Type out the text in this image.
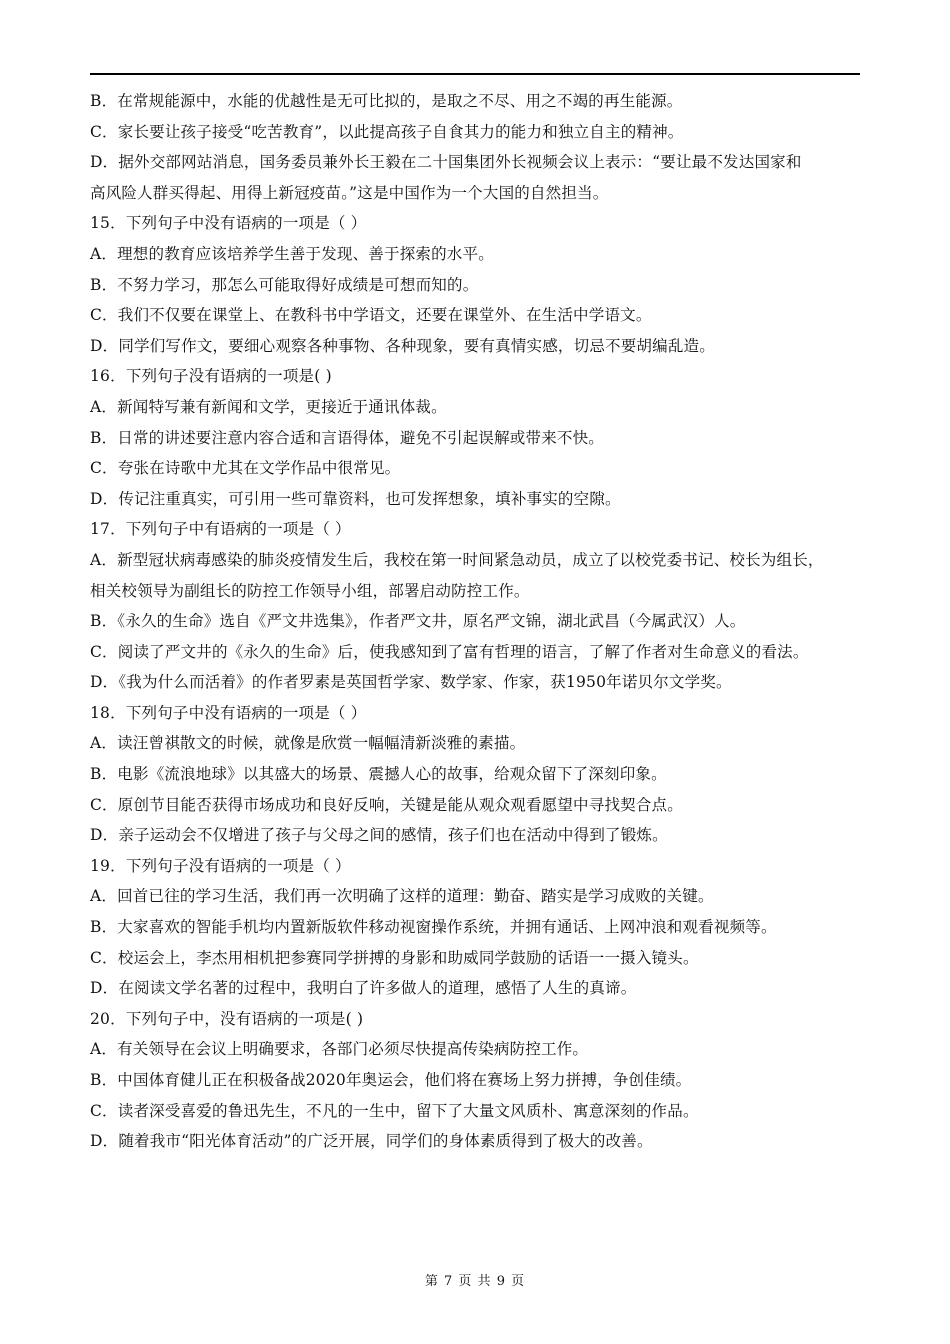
B．在常规能源中，水能的优越性是无可比拟的，是取之不尽、用之不竭的再生能源。
C．家长要让孩子接受“吃苦教育”，以此提高孩子自食其力的能力和独立自主的精神。
D．据外交部网站消息，国务委员兼外长王毅在二十国集团外长视频会议上表示：“要让最不发达国家和
高风险人群买得起、用得上新冠疫苗。”这是中国作为一个大国的自然担当。
15．下列句子中没有语病的一项是（ ）
A．理想的教育应该培养学生善于发现、善于探索的水平。
B．不努力学习，那怎么可能取得好成绩是可想而知的。
C．我们不仅要在课堂上、在教科书中学语文，还要在课堂外、在生活中学语文。
D．同学们写作文，要细心观察各种事物、各种现象，要有真情实感，切忌不要胡编乱造。
16．下列句子没有语病的一项是( )
A．新闻特写兼有新闻和文学，更接近于通讯体裁。
B．日常的讲述要注意内容合适和言语得体，避免不引起误解或带来不快。
C．夸张在诗歌中尤其在文学作品中很常见。
D．传记注重真实，可引用一些可靠资料，也可发挥想象，填补事实的空隙。
17．下列句子中有语病的一项是（ ）
A．新型冠状病毒感染的肺炎疫情发生后，我校在第一时间紧急动员，成立了以校党委书记、校长为组长，
相关校领导为副组长的防控工作领导小组，部署启动防控工作。
B．《永久的生命》选自《严文井选集》，作者严文井，原名严文锦，湖北武昌（今属武汉）人。
C．阅读了严文井的《永久的生命》后，使我感知到了富有哲理的语言，了解了作者对生命意义的看法。
D．《我为什么而活着》的作者罗素是英国哲学家、数学家、作家，获1950年诺贝尔文学奖。
18．下列句子中没有语病的一项是（ ）
A．读汪曾祺散文的时候，就像是欣赏一幅幅清新淡雅的素描。
B．电影《流浪地球》以其盛大的场景、震撼人心的故事，给观众留下了深刻印象。
C．原创节目能否获得市场成功和良好反响，关键是能从观众观看愿望中寻找契合点。
D．亲子运动会不仅增进了孩子与父母之间的感情，孩子们也在活动中得到了锻炼。
19．下列句子没有语病的一项是（ ）
A．回首已往的学习生活，我们再一次明确了这样的道理：勤奋、踏实是学习成败的关键。
B．大家喜欢的智能手机均内置新版软件移动视窗操作系统，并拥有通话、上网冲浪和观看视频等。
C．校运会上，李杰用相机把参赛同学拼搏的身影和助威同学鼓励的话语一一摄入镜头。
D．在阅读文学名著的过程中，我明白了许多做人的道理，感悟了人生的真谛。
20．下列句子中，没有语病的一项是( )
A．有关领导在会议上明确要求，各部门必须尽快提高传染病防控工作。
B．中国体育健儿正在积极备战2020年奥运会，他们将在赛场上努力拼搏，争创佳绩。
C．读者深受喜爱的鲁迅先生，不凡的一生中，留下了大量文风质朴、寓意深刻的作品。
D．随着我市“阳光体育活动”的广泛开展，同学们的身体素质得到了极大的改善。
第 7 页 共 9 页
